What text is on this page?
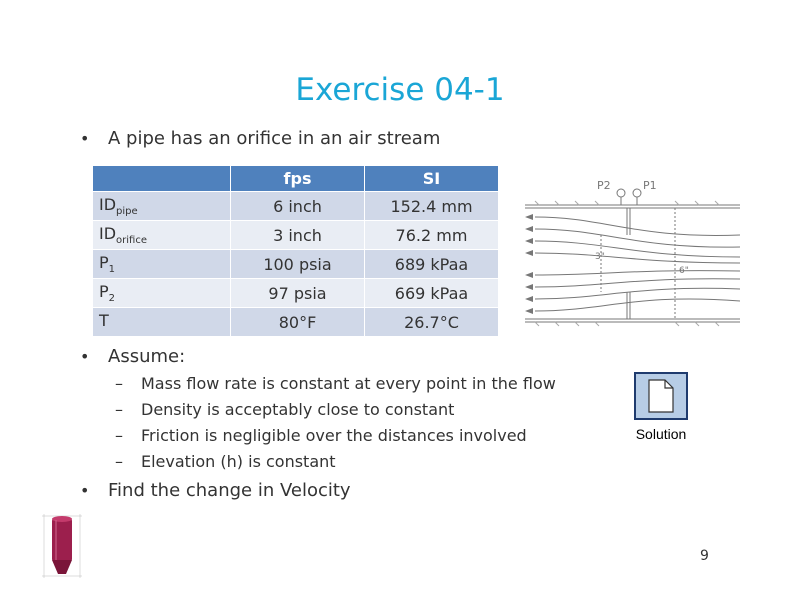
Exercise 04-1
•	A pipe has an orifice in an air stream
	fps	SI
$ID_{pipe}$	6 inch	152.4 mm
$ID_{orifice}$	3 inch	76.2 mm
$P_1$	100 psia	689 kPaa
$P_2$	97 psia	669 kPaa
T	80°F	26.7°C
P2	P1
3"
6"
•	Assume:
–	Mass flow rate is constant at every point in the flow
–	Density is acceptably close to constant
–	Friction is negligible over the distances involved
–	Elevation (h) is constant
•	Find the change in Velocity
Solution
9
